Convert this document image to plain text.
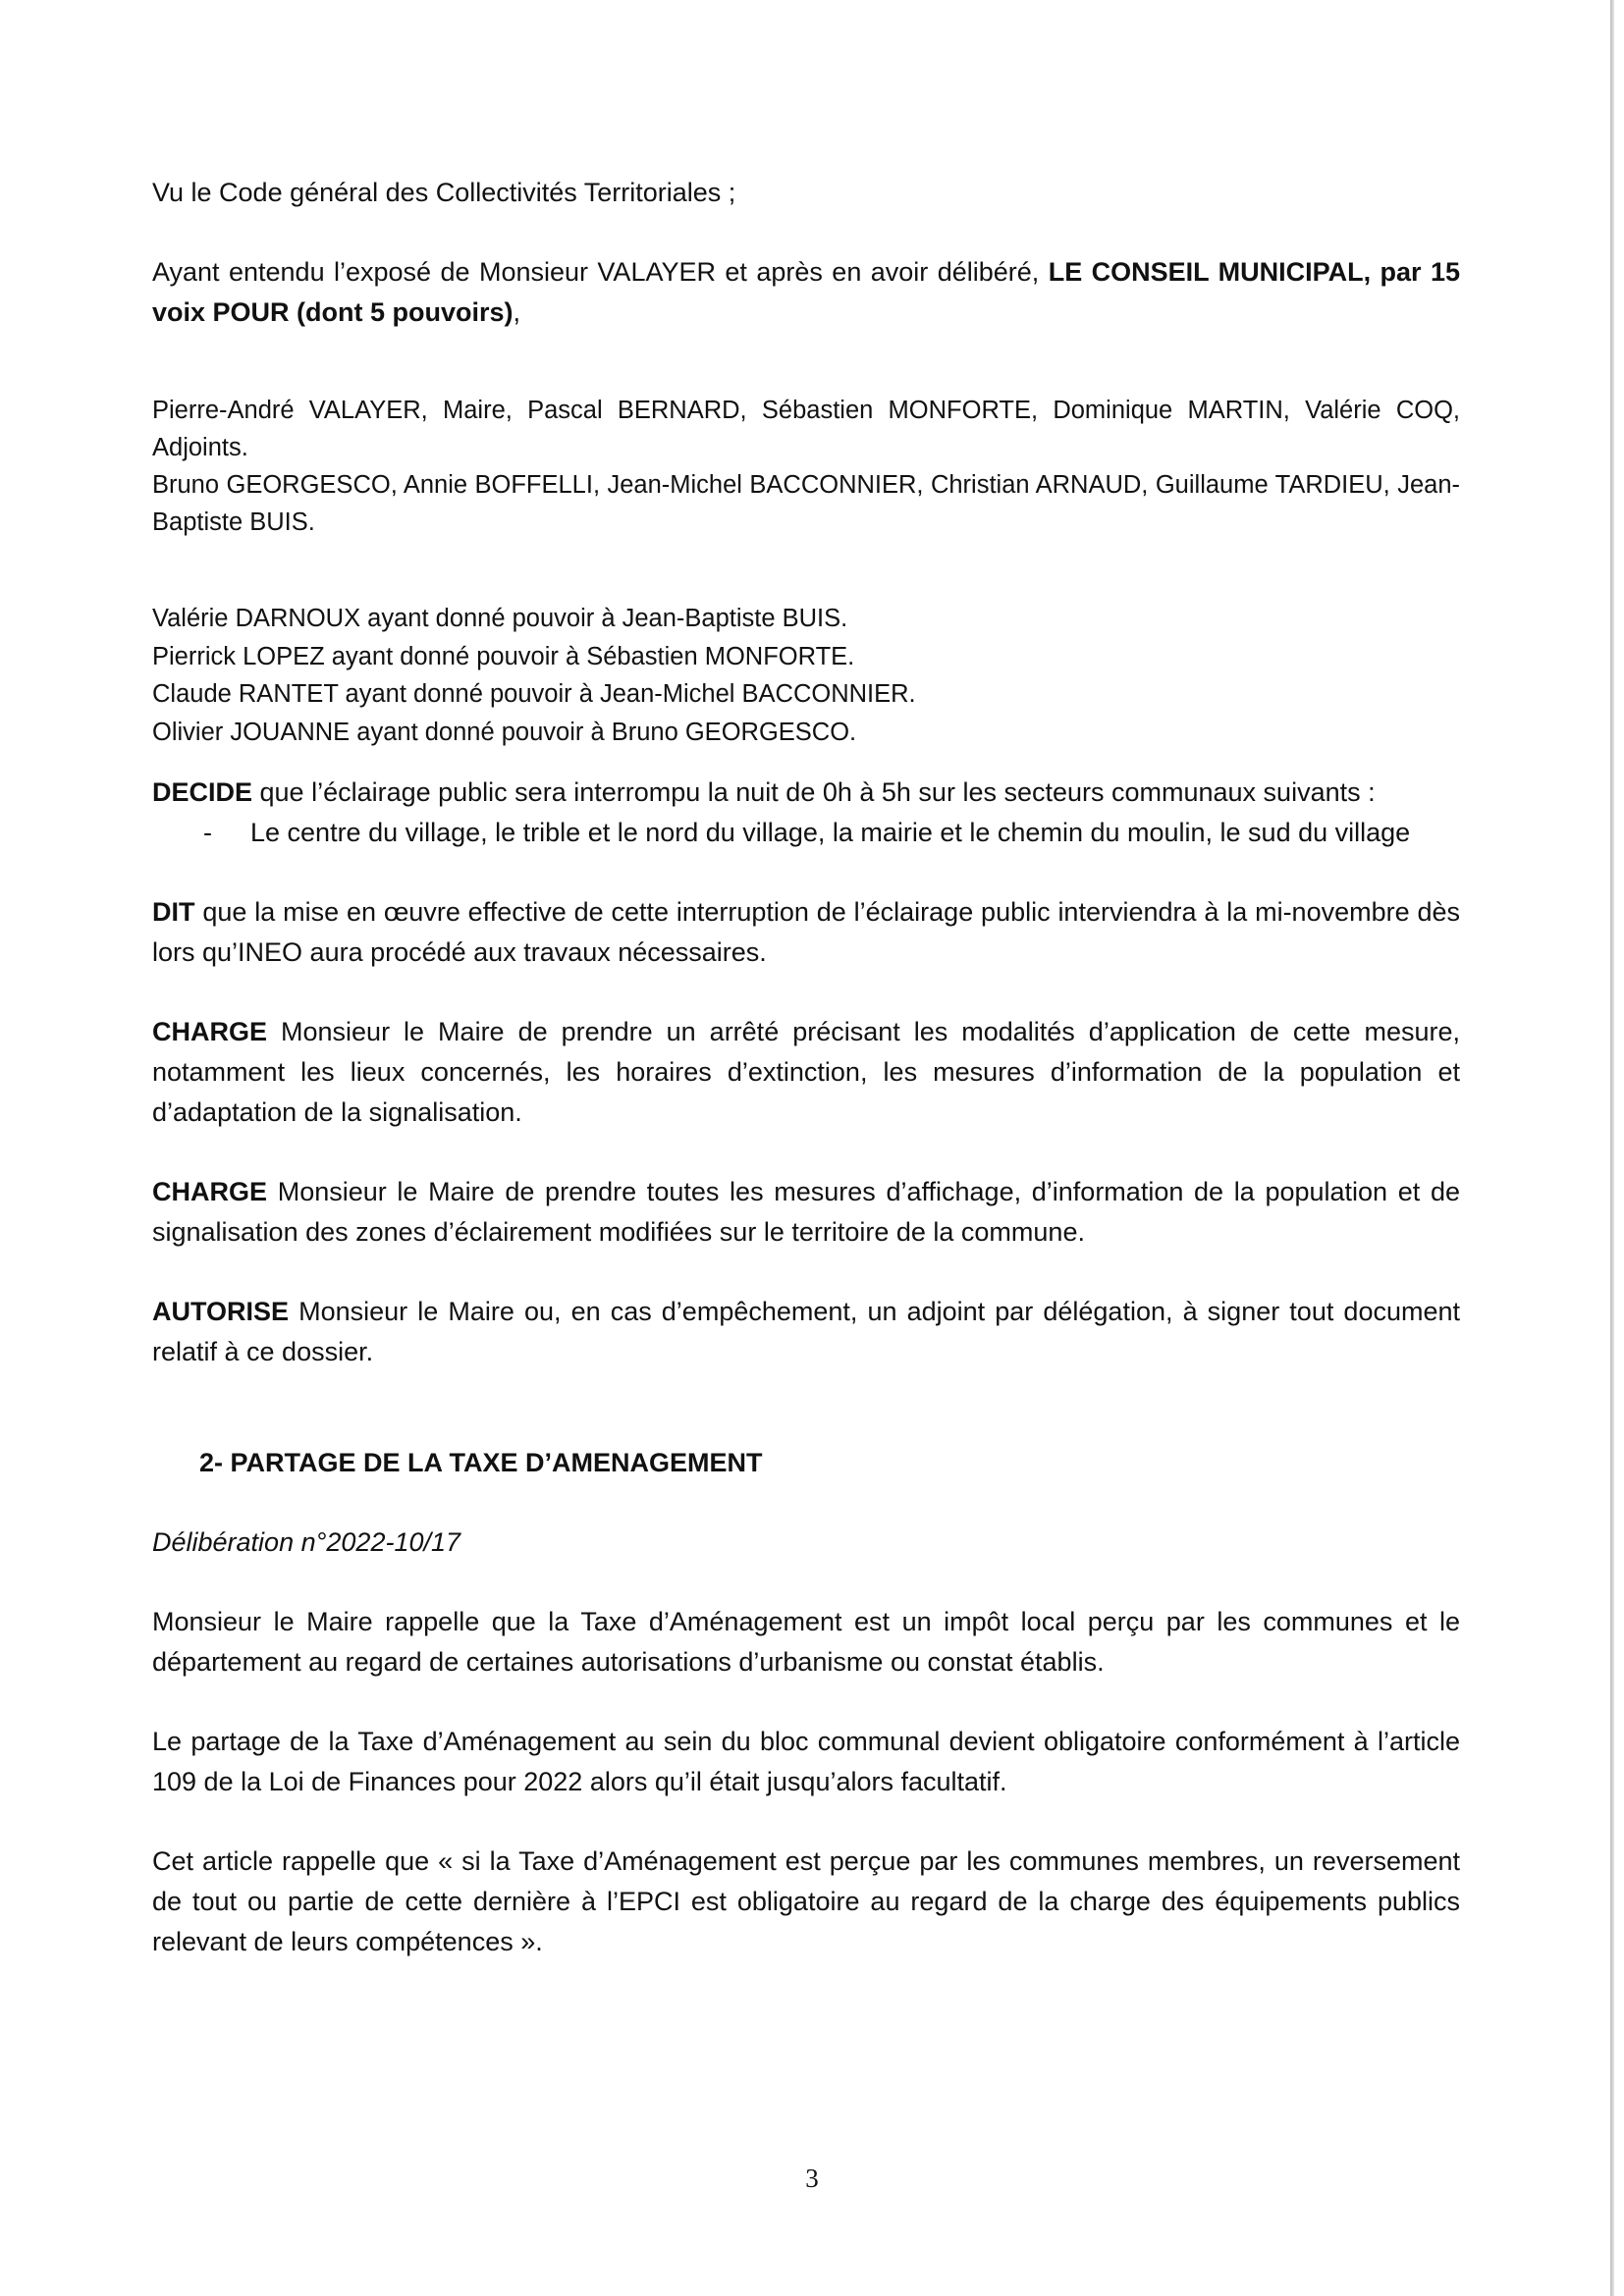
Vu le Code général des Collectivités Territoriales ;

Ayant entendu l’exposé de Monsieur VALAYER et après en avoir délibéré, LE CONSEIL MUNICIPAL, par 15 voix POUR (dont 5 pouvoirs),

Pierre-André VALAYER, Maire, Pascal BERNARD, Sébastien MONFORTE, Dominique MARTIN, Valérie COQ, Adjoints.

Bruno GEORGESCO, Annie BOFFELLI, Jean-Michel BACCONNIER, Christian ARNAUD, Guillaume TARDIEU, Jean-Baptiste BUIS.

Valérie DARNOUX ayant donné pouvoir à Jean-Baptiste BUIS.
Pierrick LOPEZ ayant donné pouvoir à Sébastien MONFORTE.
Claude RANTET ayant donné pouvoir à Jean-Michel BACCONNIER.
Olivier JOUANNE ayant donné pouvoir à Bruno GEORGESCO.

DECIDE que l’éclairage public sera interrompu la nuit de 0h à 5h sur les secteurs communaux suivants :

- Le centre du village, le trible et le nord du village, la mairie et le chemin du moulin, le sud du village

DIT que la mise en œuvre effective de cette interruption de l’éclairage public interviendra à la mi-novembre dès lors qu’INEO aura procédé aux travaux nécessaires.

CHARGE Monsieur le Maire de prendre un arrêté précisant les modalités d’application de cette mesure, notamment les lieux concernés, les horaires d’extinction, les mesures d’information de la population et d’adaptation de la signalisation.

CHARGE Monsieur le Maire de prendre toutes les mesures d’affichage, d’information de la population et de signalisation des zones d’éclairement modifiées sur le territoire de la commune.

AUTORISE Monsieur le Maire ou, en cas d’empêchement, un adjoint par délégation, à signer tout document relatif à ce dossier.

2- PARTAGE DE LA TAXE D’AMENAGEMENT

Délibération n°2022-10/17

Monsieur le Maire rappelle que la Taxe d’Aménagement est un impôt local perçu par les communes et le département au regard de certaines autorisations d’urbanisme ou constat établis.

Le partage de la Taxe d’Aménagement au sein du bloc communal devient obligatoire conformément à l’article 109 de la Loi de Finances pour 2022 alors qu’il était jusqu’alors facultatif.

Cet article rappelle que « si la Taxe d’Aménagement est perçue par les communes membres, un reversement de tout ou partie de cette dernière à l’EPCI est obligatoire au regard de la charge des équipements publics relevant de leurs compétences ».

3
